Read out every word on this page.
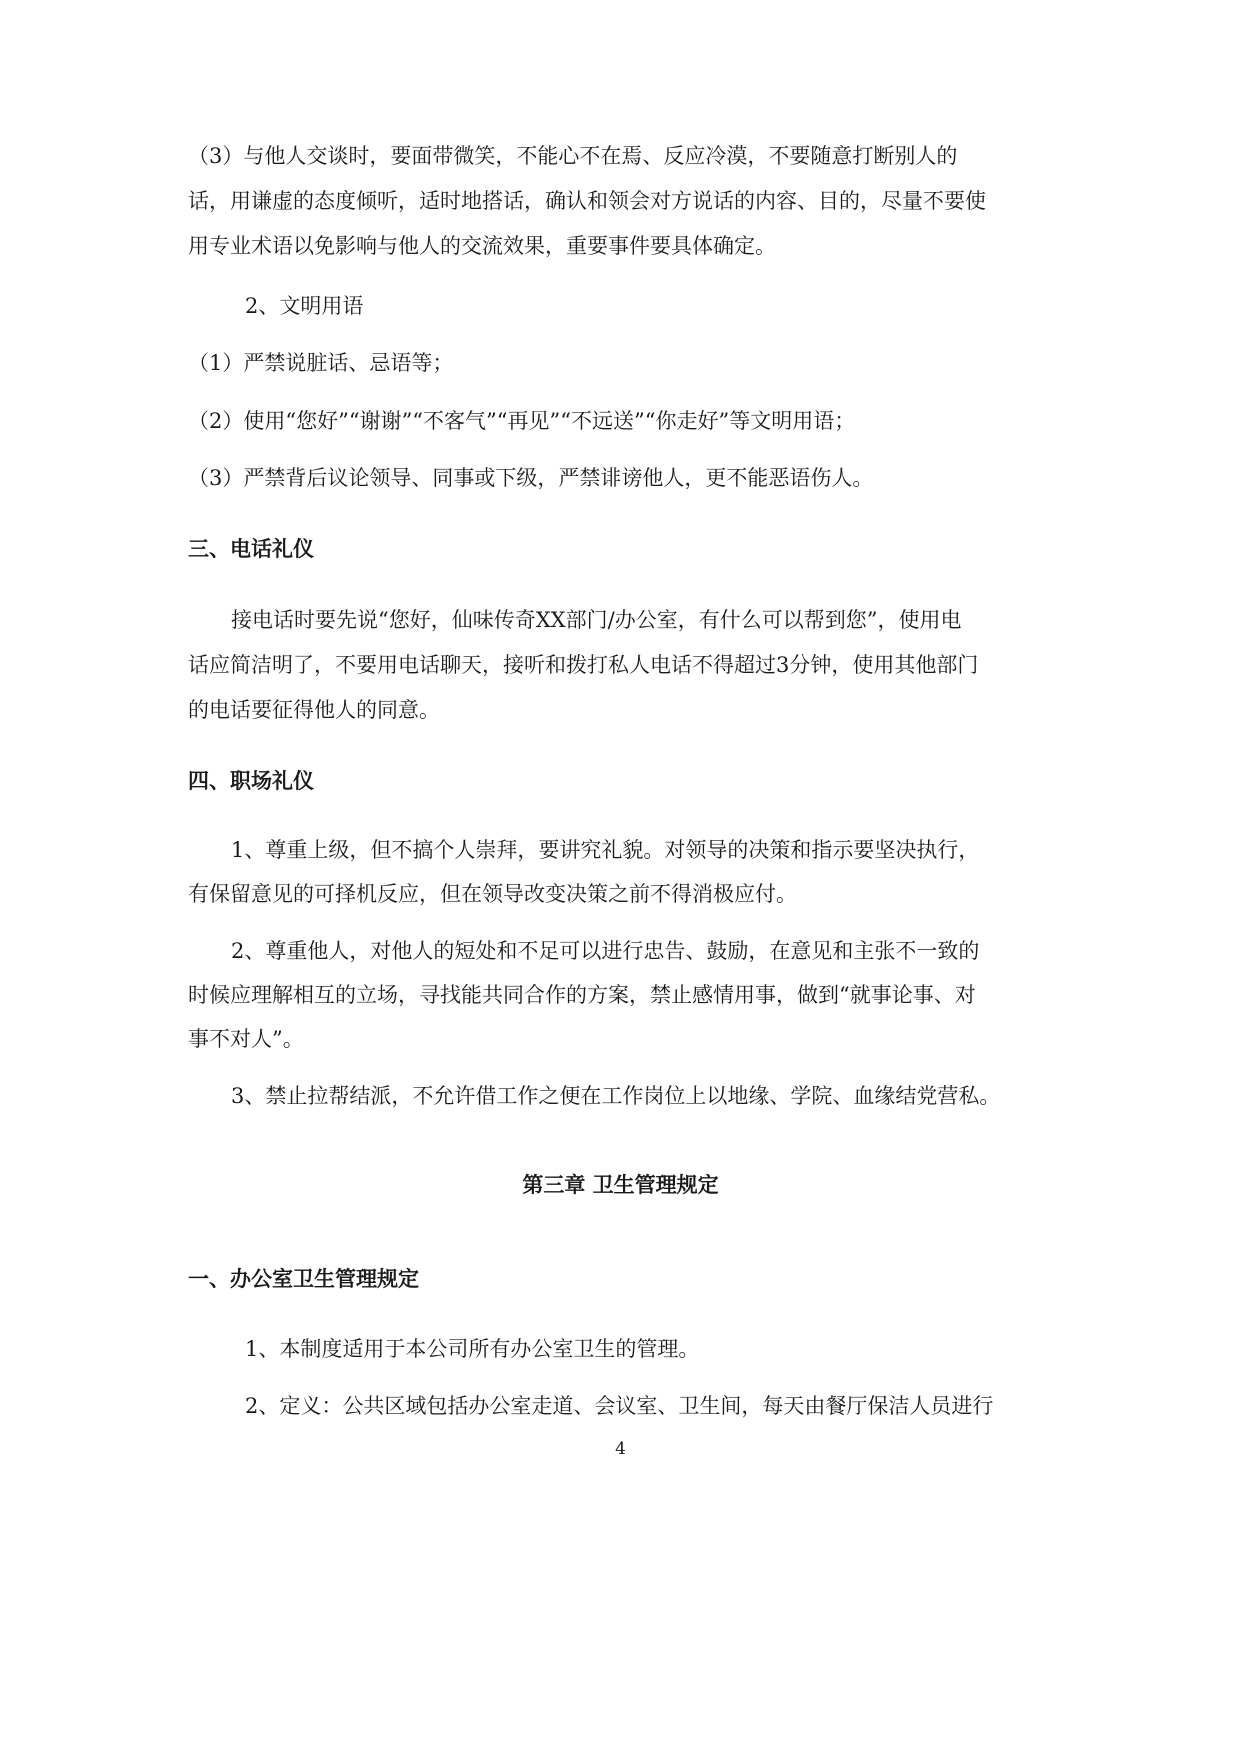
（3）与他人交谈时，要面带微笑，不能心不在焉、反应冷漠，不要随意打断别人的
话，用谦虚的态度倾听，适时地搭话，确认和领会对方说话的内容、目的，尽量不要使
用专业术语以免影响与他人的交流效果，重要事件要具体确定。
2、文明用语
（1）严禁说脏话、忌语等；
（2）使用“您好”“谢谢”“不客气”“再见”“不远送”“你走好”等文明用语；
（3）严禁背后议论领导、同事或下级，严禁诽谤他人，更不能恶语伤人。
三、电话礼仪
接电话时要先说“您好，仙味传奇XX部门/办公室，有什么可以帮到您”，使用电
话应简洁明了，不要用电话聊天，接听和拨打私人电话不得超过3分钟，使用其他部门
的电话要征得他人的同意。
四、职场礼仪
1、尊重上级，但不搞个人崇拜，要讲究礼貌。对领导的决策和指示要坚决执行，
有保留意见的可择机反应，但在领导改变决策之前不得消极应付。
2、尊重他人，对他人的短处和不足可以进行忠告、鼓励，在意见和主张不一致的
时候应理解相互的立场，寻找能共同合作的方案，禁止感情用事，做到“就事论事、对
事不对人”。
3、禁止拉帮结派，不允许借工作之便在工作岗位上以地缘、学院、血缘结党营私。
第三章 卫生管理规定
一、办公室卫生管理规定
1、本制度适用于本公司所有办公室卫生的管理。
2、定义：公共区域包括办公室走道、会议室、卫生间，每天由餐厅保洁人员进行
4
